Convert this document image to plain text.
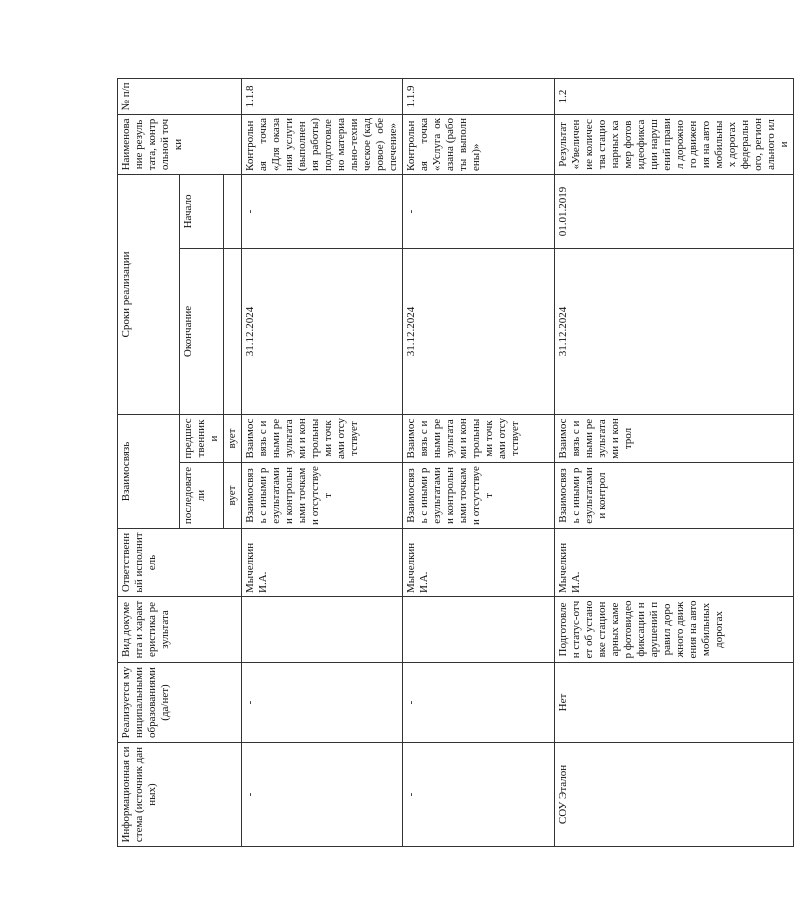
Информационная система (источник данных)	Реализуется муниципальными образованиями (да/нет)	Вид документа и характеристика результата	Ответственный исполнитель	Взаимосвязь		Сроки реализации		Наименование результата, контрольной точки	№ п/п
				последователи	предшественники	Окончание	Начало		
				вует	вует				
-	-		Мычелкин И.А.	Взаимосвязь с иными результатами и контрольными точками отсутствует	Взаимосвязь с иными результатами и контрольными точками отсутствует	31.12.2024	-	Контрольная точка «Для оказания услуги (выполнения работы) подготовлено материально-техническое (кадровое) обеспечение»	1.1.8
-	-		Мычелкин И.А.	Взаимосвязь с иными результатами и контрольными точками отсутствует	Взаимосвязь с иными результатами и контрольными точками отсутствует	31.12.2024	-	Контрольная точка «Услуга оказана (работы выполнены)»	1.1.9
СОУ Эталон	Нет	Подготовлен статус-отчет об установке стационарных камер фотовидеофиксации нарушений правил дорожного движения на автомобильных дорогах	Мычелкин И.А.	Взаимосвязь с иными результатами и контрол	Взаимосвязь с иными результатами и контрол	31.12.2024	01.01.2019	Результат «Увеличение количества стационарных камер фотовидеофиксации нарушений правил дорожного движения на автомобильных дорогах федерального, регионального или	1.2
